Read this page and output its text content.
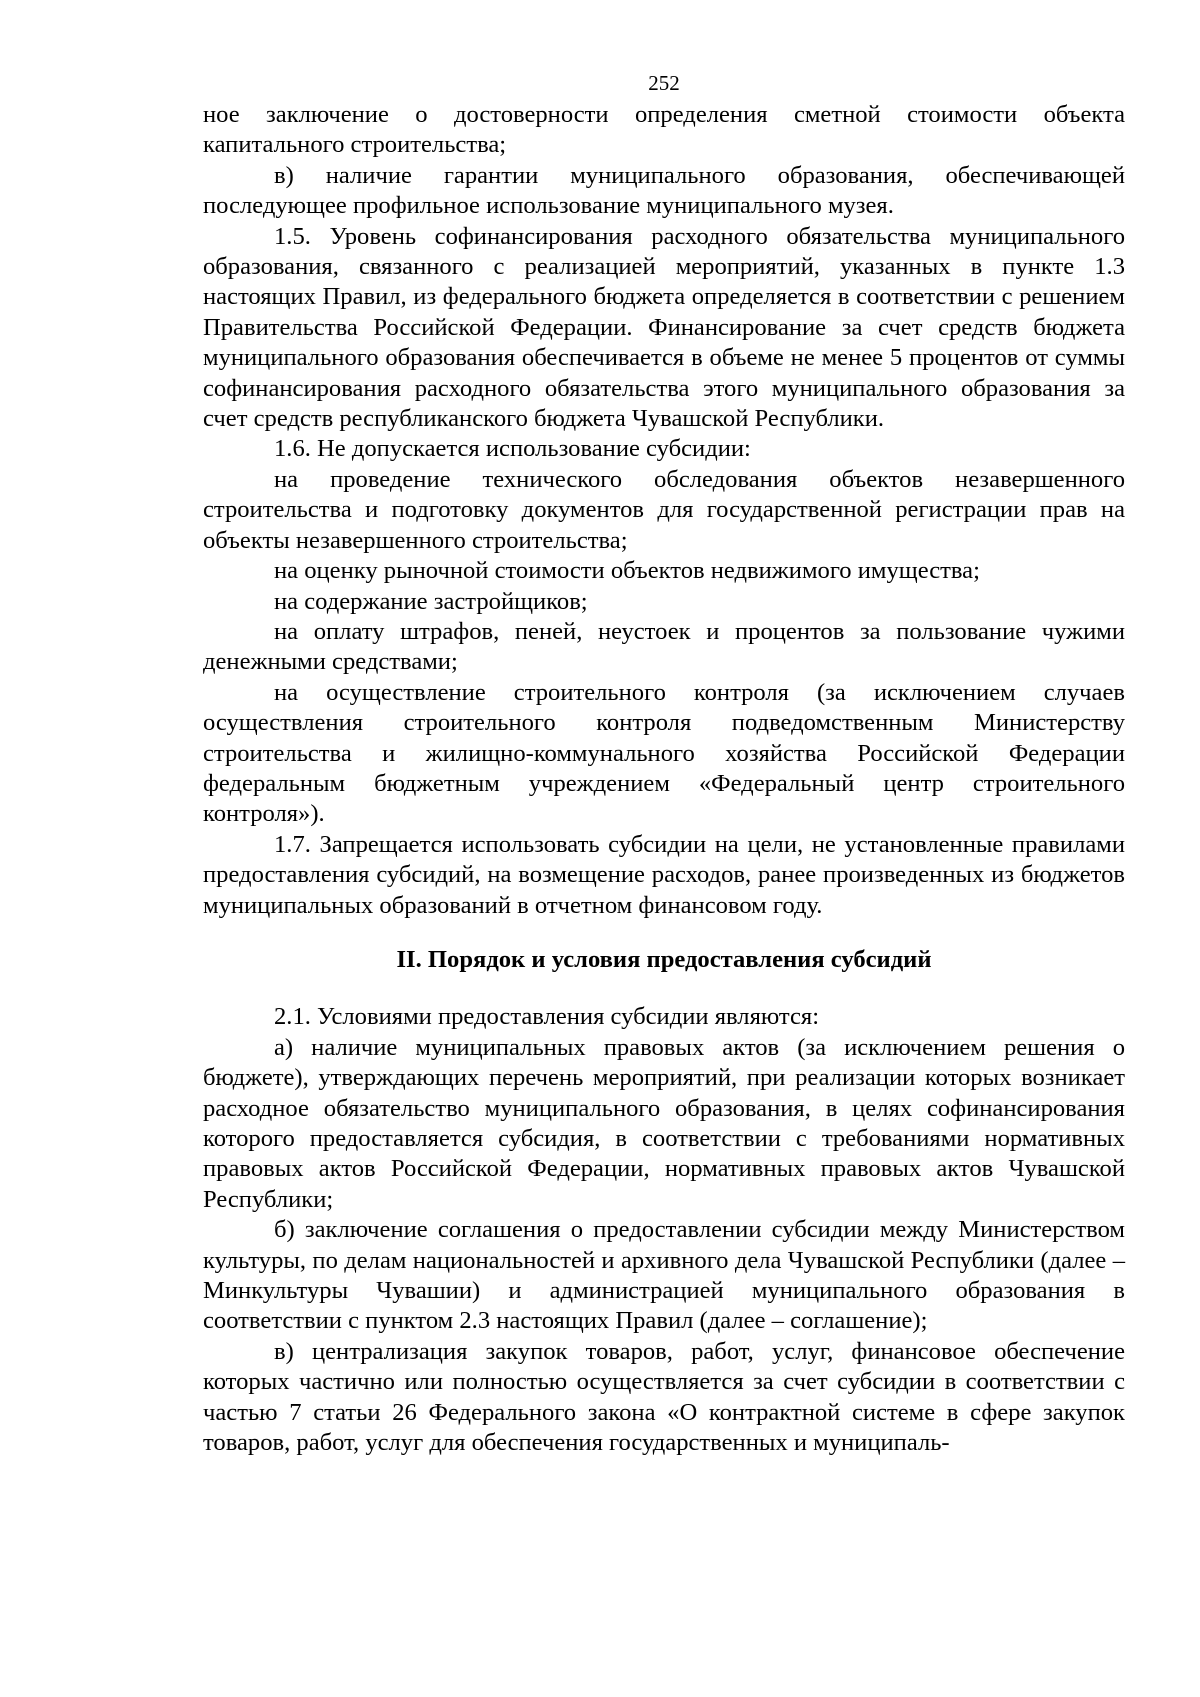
252

ное заключение о достоверности определения сметной стоимости объекта капитального строительства;

в) наличие гарантии муниципального образования, обеспечивающей последующее профильное использование муниципального музея.

1.5. Уровень софинансирования расходного обязательства муниципального образования, связанного с реализацией мероприятий, указанных в пункте 1.3 настоящих Правил, из федерального бюджета определяется в соответствии с решением Правительства Российской Федерации. Финансирование за счет средств бюджета муниципального образования обеспечивается в объеме не менее 5 процентов от суммы софинансирования расходного обязательства этого муниципального образования за счет средств республиканского бюджета Чувашской Республики.

1.6. Не допускается использование субсидии:

на проведение технического обследования объектов незавершенного строительства и подготовку документов для государственной регистрации прав на объекты незавершенного строительства;

на оценку рыночной стоимости объектов недвижимого имущества;

на содержание застройщиков;

на оплату штрафов, пеней, неустоек и процентов за пользование чужими денежными средствами;

на осуществление строительного контроля (за исключением случаев осуществления строительного контроля подведомственным Министерству строительства и жилищно-коммунального хозяйства Российской Федерации федеральным бюджетным учреждением «Федеральный центр строительного контроля»).

1.7. Запрещается использовать субсидии на цели, не установленные правилами предоставления субсидий, на возмещение расходов, ранее произведенных из бюджетов муниципальных образований в отчетном финансовом году.

II. Порядок и условия предоставления субсидий

2.1. Условиями предоставления субсидии являются:

а) наличие муниципальных правовых актов (за исключением решения о бюджете), утверждающих перечень мероприятий, при реализации которых возникает расходное обязательство муниципального образования, в целях софинансирования которого предоставляется субсидия, в соответствии с требованиями нормативных правовых актов Российской Федерации, нормативных правовых актов Чувашской Республики;

б) заключение соглашения о предоставлении субсидии между Министерством культуры, по делам национальностей и архивного дела Чувашской Республики (далее – Минкультуры Чувашии) и администрацией муниципального образования в соответствии с пунктом 2.3 настоящих Правил (далее – соглашение);

в) централизация закупок товаров, работ, услуг, финансовое обеспечение которых частично или полностью осуществляется за счет субсидии в соответствии с частью 7 статьи 26 Федерального закона «О контрактной системе в сфере закупок товаров, работ, услуг для обеспечения государственных и муниципаль-
